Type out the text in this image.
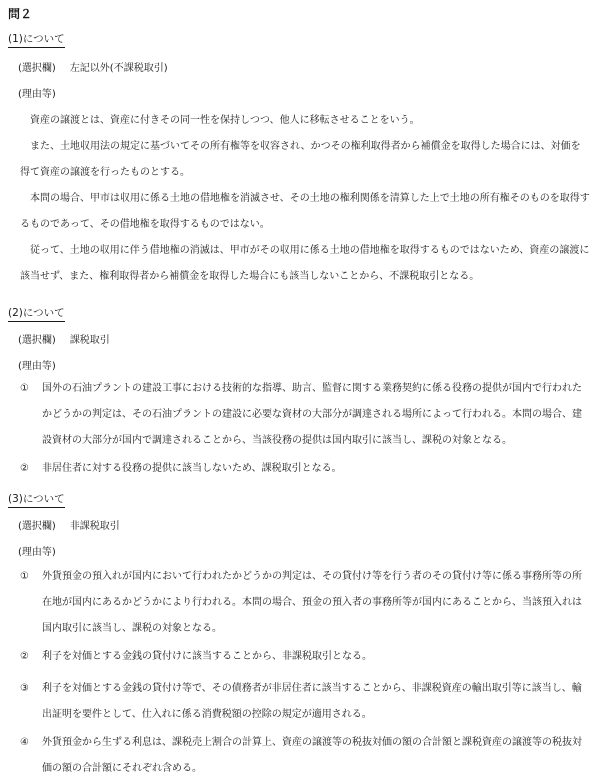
問２
(1)について
(選択欄) 左記以外(不課税取引)
(理由等)

資産の譲渡とは、資産に付きその同一性を保持しつつ、他人に移転させることをいう。

また、土地収用法の規定に基づいてその所有権等を収容され、かつその権利取得者から補償金を取得した場合には、対価を得て資産の譲渡を行ったものとする。

本問の場合、甲市は収用に係る土地の借地権を消滅させ、その土地の権利関係を清算した上で土地の所有権そのものを取得するものであって、その借地権を取得するものではない。

従って、土地の収用に伴う借地権の消滅は、甲市がその収用に係る土地の借地権を取得するものではないため、資産の譲渡に該当せず、また、権利取得者から補償金を取得した場合にも該当しないことから、不課税取引となる。

(2)について
(選択欄) 課税取引
(理由等)
① 国外の石油プラントの建設工事における技術的な指導、助言、監督に関する業務契約に係る役務の提供が国内で行われたかどうかの判定は、その石油プラントの建設に必要な資材の大部分が調達される場所によって行われる。本問の場合、建設資材の大部分が国内で調達されることから、当該役務の提供は国内取引に該当し、課税の対象となる。
② 非居住者に対する役務の提供に該当しないため、課税取引となる。
(3)について
(選択欄) 非課税取引
(理由等)
① 外貨預金の預入れが国内において行われたかどうかの判定は、その貸付け等を行う者のその貸付け等に係る事務所等の所在地が国内にあるかどうかにより行われる。本問の場合、預金の預入者の事務所等が国内にあることから、当該預入れは国内取引に該当し、課税の対象となる。
② 利子を対価とする金銭の貸付けに該当することから、非課税取引となる。
③ 利子を対価とする金銭の貸付け等で、その債務者が非居住者に該当することから、非課税資産の輸出取引等に該当し、輸出証明を要件として、仕入れに係る消費税額の控除の規定が適用される。
④ 外貨預金から生ずる利息は、課税売上割合の計算上、資産の譲渡等の税抜対価の額の合計額と課税資産の譲渡等の税抜対価の額の合計額にそれぞれ含める。
